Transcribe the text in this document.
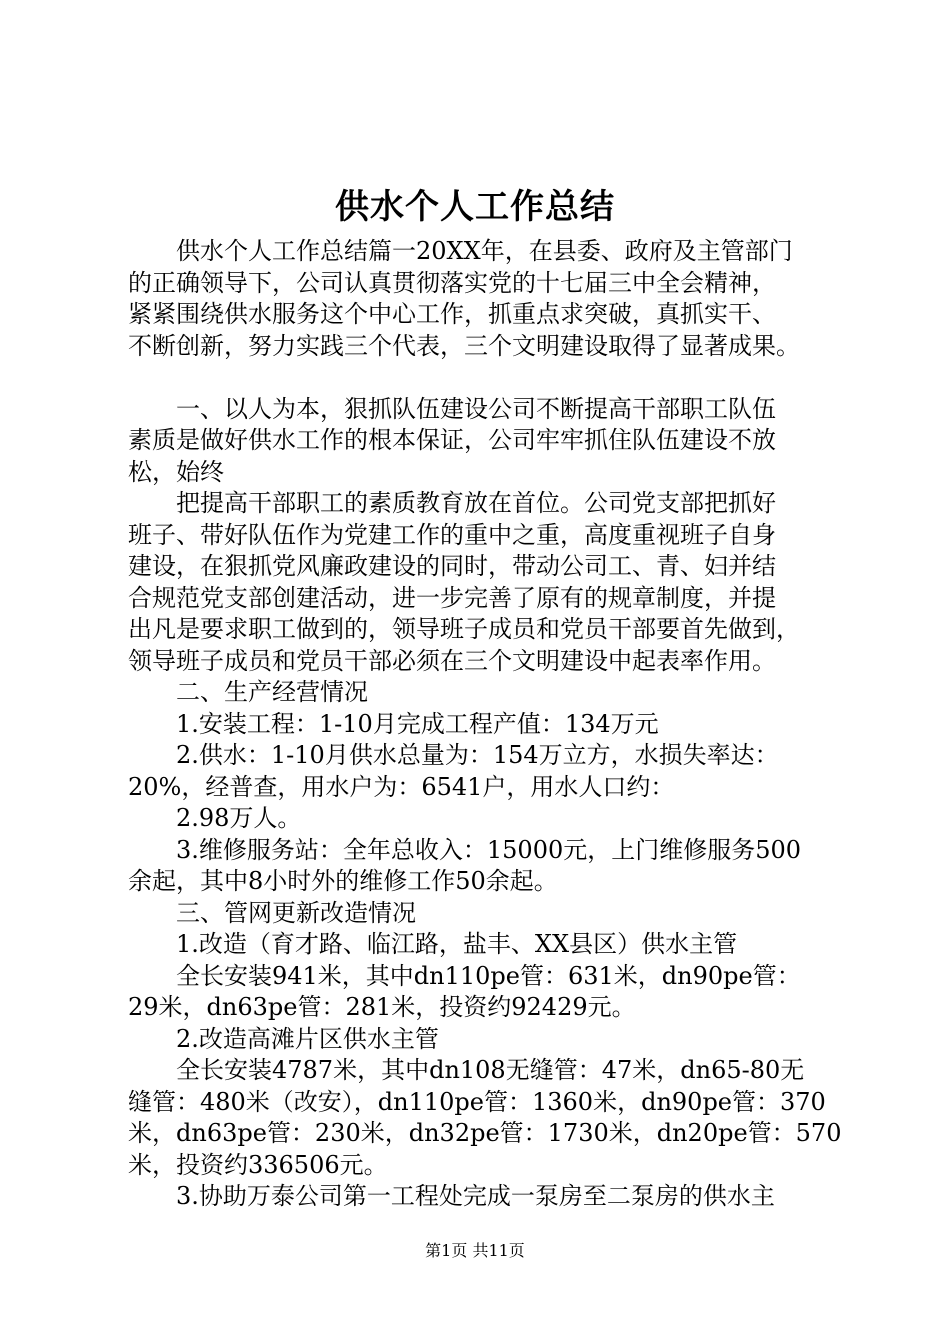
供水个人工作总结
　　供水个人工作总结篇一20XX年，在县委、政府及主管部门
的正确领导下，公司认真贯彻落实党的十七届三中全会精神，
紧紧围绕供水服务这个中心工作，抓重点求突破，真抓实干、
不断创新，努力实践三个代表，三个文明建设取得了显著成果。
　　一、以人为本，狠抓队伍建设公司不断提高干部职工队伍
素质是做好供水工作的根本保证，公司牢牢抓住队伍建设不放
松，始终
　　把提高干部职工的素质教育放在首位。公司党支部把抓好
班子、带好队伍作为党建工作的重中之重，高度重视班子自身
建设，在狠抓党风廉政建设的同时，带动公司工、青、妇并结
合规范党支部创建活动，进一步完善了原有的规章制度，并提
出凡是要求职工做到的，领导班子成员和党员干部要首先做到，
领导班子成员和党员干部必须在三个文明建设中起表率作用。
　　二、生产经营情况
　　1.安装工程：1-10月完成工程产值：134万元
　　2.供水：1-10月供水总量为：154万立方，水损失率达：
20%，经普查，用水户为：6541户，用水人口约：
　　2.98万人。
　　3.维修服务站：全年总收入：15000元，上门维修服务500
余起，其中8小时外的维修工作50余起。
　　三、管网更新改造情况
　　1.改造（育才路、临江路，盐丰、XX县区）供水主管
　　全长安装941米，其中dn110pe管：631米，dn90pe管：
29米，dn63pe管：281米，投资约92429元。
　　2.改造高滩片区供水主管
　　全长安装4787米，其中dn108无缝管：47米，dn65-80无
缝管：480米（改安），dn110pe管：1360米，dn90pe管：370
米，dn63pe管：230米，dn32pe管：1730米，dn20pe管：570
米，投资约336506元。
　　3.协助万泰公司第一工程处完成一泵房至二泵房的供水主
第1页 共11页
